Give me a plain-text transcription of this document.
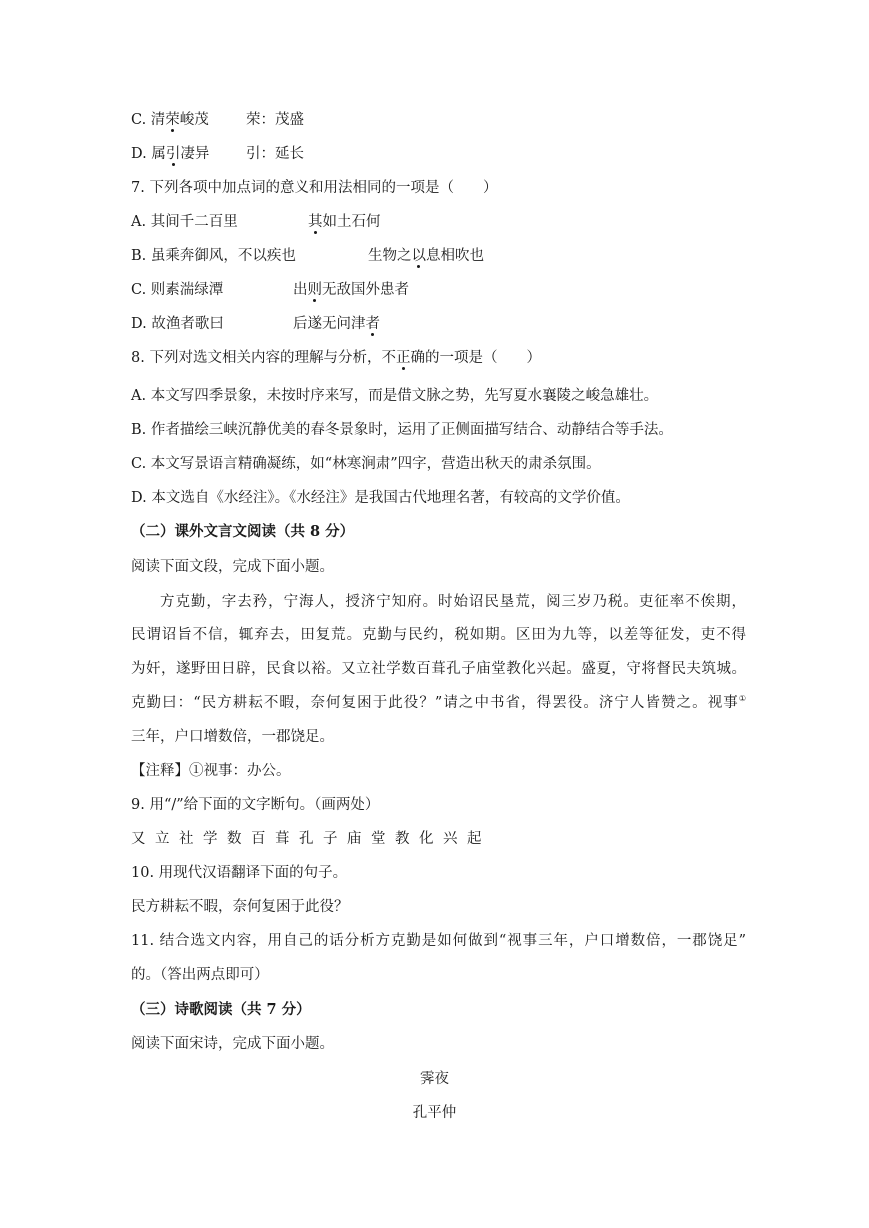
C. 清荣峻茂	荣：茂盛
D. 属引凄异	引：延长
7. 下列各项中加点词的意义和用法相同的一项是（　　）
A. 其间千二百里	其如土石何
B. 虽乘奔御风，不以疾也	生物之以息相吹也
C. 则素湍绿潭	出则无敌国外患者
D. 故渔者歌曰	后遂无问津者
8. 下列对选文相关内容的理解与分析，不正确的一项是（　　）
A. 本文写四季景象，未按时序来写，而是借文脉之势，先写夏水襄陵之峻急雄壮。
B. 作者描绘三峡沉静优美的春冬景象时，运用了正侧面描写结合、动静结合等手法。
C. 本文写景语言精确凝练，如“林寒涧肃”四字，营造出秋天的肃杀氛围。
D. 本文选自《水经注》。《水经注》是我国古代地理名著，有较高的文学价值。
（二）课外文言文阅读（共 8 分）
阅读下面文段，完成下面小题。
方克勤，字去矜，宁海人，授济宁知府。时始诏民垦荒，阅三岁乃税。吏征率不俟期，
民谓诏旨不信，辄弃去，田复荒。克勤与民约，税如期。区田为九等，以差等征发，吏不得
为奸，遂野田日辟，民食以裕。又立社学数百葺孔子庙堂教化兴起。盛夏，守将督民夫筑城。
克勤曰：“民方耕耘不暇，奈何复困于此役？”请之中书省，得罢役。济宁人皆赞之。视事①
三年，户口增数倍，一郡饶足。
【注释】①视事：办公。
9. 用“/”给下面的文字断句。（画两处）
又立社学数百葺孔子庙堂教化兴起
10. 用现代汉语翻译下面的句子。
民方耕耘不暇，奈何复困于此役？
11. 结合选文内容，用自己的话分析方克勤是如何做到“视事三年，户口增数倍，一郡饶足”
的。（答出两点即可）
（三）诗歌阅读（共 7 分）
阅读下面宋诗，完成下面小题。
霁夜
孔平仲
